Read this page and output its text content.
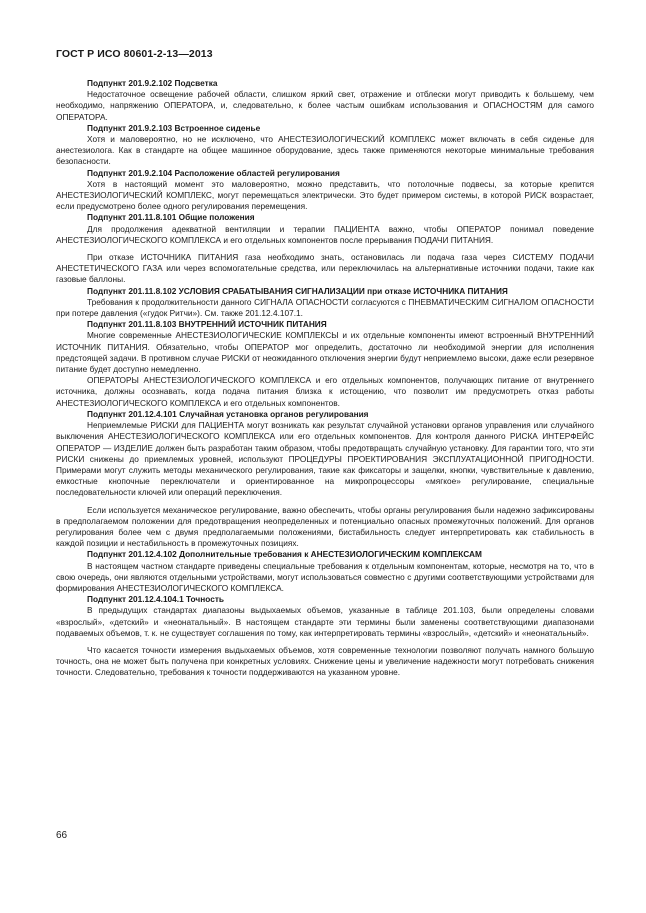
ГОСТ Р ИСО 80601-2-13—2013

Подпункт 201.9.2.102 Подсветка

Недостаточное освещение рабочей области, слишком яркий свет, отражение и отблески могут приводить к большему, чем необходимо, напряжению ОПЕРАТОРА, и, следовательно, к более частым ошибкам использования и ОПАСНОСТЯМ для самого ОПЕРАТОРА.

Подпункт 201.9.2.103 Встроенное сиденье

Хотя и маловероятно, но не исключено, что АНЕСТЕЗИОЛОГИЧЕСКИЙ КОМПЛЕКС может включать в себя сиденье для анестезиолога. Как в стандарте на общее машинное оборудование, здесь также применяются некоторые минимальные требования безопасности.

Подпункт 201.9.2.104 Расположение областей регулирования

Хотя в настоящий момент это маловероятно, можно представить, что потолочные подвесы, за которые крепится АНЕСТЕЗИОЛОГИЧЕСКИЙ КОМПЛЕКС, могут перемещаться электрически. Это будет примером системы, в которой РИСК возрастает, если предусмотрено более одного регулирования перемещения.

Подпункт 201.11.8.101 Общие положения

Для продолжения адекватной вентиляции и терапии ПАЦИЕНТА важно, чтобы ОПЕРАТОР понимал поведение АНЕСТЕЗИОЛОГИЧЕСКОГО КОМПЛЕКСА и его отдельных компонентов после прерывания ПОДАЧИ ПИТАНИЯ.

При отказе ИСТОЧНИКА ПИТАНИЯ газа необходимо знать, остановилась ли подача газа через СИСТЕМУ ПОДАЧИ АНЕСТЕТИЧЕСКОГО ГАЗА или через вспомогательные средства, или переключилась на альтернативные источники подачи, такие как газовые баллоны.

Подпункт 201.11.8.102 УСЛОВИЯ СРАБАТЫВАНИЯ СИГНАЛИЗАЦИИ при отказе ИСТОЧНИКА ПИТАНИЯ

Требования к продолжительности данного СИГНАЛА ОПАСНОСТИ согласуются с ПНЕВМАТИЧЕСКИМ СИГНАЛОМ ОПАСНОСТИ при потере давления («гудок Ритчи»). См. также 201.12.4.107.1.

Подпункт 201.11.8.103 ВНУТРЕННИЙ ИСТОЧНИК ПИТАНИЯ

Многие современные АНЕСТЕЗИОЛОГИЧЕСКИЕ КОМПЛЕКСЫ и их отдельные компоненты имеют встроенный ВНУТРЕННИЙ ИСТОЧНИК ПИТАНИЯ. Обязательно, чтобы ОПЕРАТОР мог определить, достаточно ли необходимой энергии для исполнения предстоящей задачи. В противном случае РИСКИ от неожиданного отключения энергии будут неприемлемо высоки, даже если резервное питание будет доступно немедленно.

ОПЕРАТОРЫ АНЕСТЕЗИОЛОГИЧЕСКОГО КОМПЛЕКСА и его отдельных компонентов, получающих питание от внутреннего источника, должны осознавать, когда подача питания близка к истощению, что позволит им предусмотреть отказ работы АНЕСТЕЗИОЛОГИЧЕСКОГО КОМПЛЕКСА и его отдельных компонентов.

Подпункт 201.12.4.101 Случайная установка органов регулирования

Неприемлемые РИСКИ для ПАЦИЕНТА могут возникать как результат случайной установки органов управления или случайного выключения АНЕСТЕЗИОЛОГИЧЕСКОГО КОМПЛЕКСА или его отдельных компонентов. Для контроля данного РИСКА ИНТЕРФЕЙС ОПЕРАТОР — ИЗДЕЛИЕ должен быть разработан таким образом, чтобы предотвращать случайную установку. Для гарантии того, что эти РИСКИ снижены до приемлемых уровней, используют ПРОЦЕДУРЫ ПРОЕКТИРОВАНИЯ ЭКСПЛУАТАЦИОННОЙ ПРИГОДНОСТИ. Примерами могут служить методы механического регулирования, такие как фиксаторы и защелки, кнопки, чувствительные к давлению, емкостные кнопочные переключатели и ориентированное на микропроцессоры «мягкое» регулирование, специальные последовательности ключей или операций переключения.

Если используется механическое регулирование, важно обеспечить, чтобы органы регулирования были надежно зафиксированы в предполагаемом положении для предотвращения неопределенных и потенциально опасных промежуточных положений. Для органов регулирования более чем с двумя предполагаемыми положениями, бистабильность следует интерпретировать как стабильность в каждой позиции и нестабильность в промежуточных позициях.

Подпункт 201.12.4.102 Дополнительные требования к АНЕСТЕЗИОЛОГИЧЕСКИМ КОМПЛЕКСАМ

В настоящем частном стандарте приведены специальные требования к отдельным компонентам, которые, несмотря на то, что в свою очередь, они являются отдельными устройствами, могут использоваться совместно с другими соответствующими устройствами для формирования АНЕСТЕЗИОЛОГИЧЕСКОГО КОМПЛЕКСА.

Подпункт 201.12.4.104.1 Точность

В предыдущих стандартах диапазоны выдыхаемых объемов, указанные в таблице 201.103, были определены словами «взрослый», «детский» и «неонатальный». В настоящем стандарте эти термины были заменены соответствующими диапазонами подаваемых объемов, т. к. не существует соглашения по тому, как интерпретировать термины «взрослый», «детский» и «неонатальный».

Что касается точности измерения выдыхаемых объемов, хотя современные технологии позволяют получать намного большую точность, она не может быть получена при конкретных условиях. Снижение цены и увеличение надежности могут потребовать снижения точности. Следовательно, требования к точности поддерживаются на указанном уровне.

66
